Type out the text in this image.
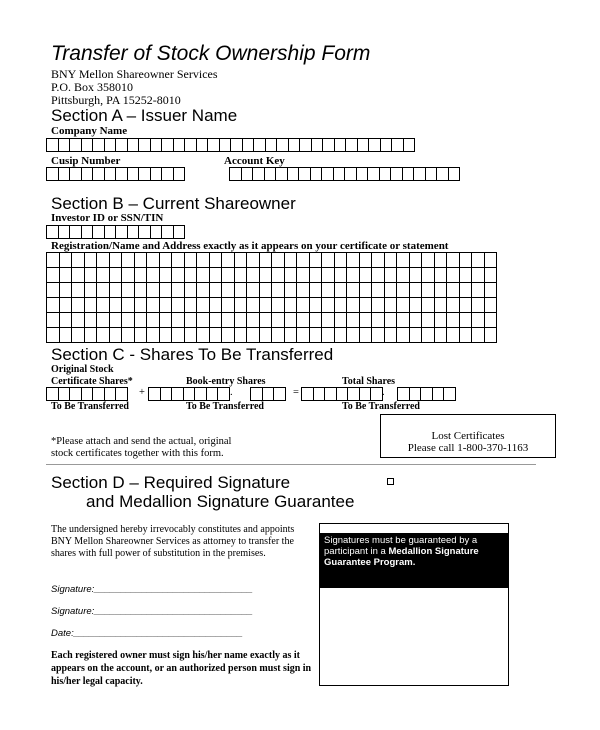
Transfer of Stock Ownership Form
BNY Mellon Shareowner Services
P.O. Box 358010
Pittsburgh, PA 15252-8010
Section A – Issuer Name
Company Name
Cusip Number	Account Key
Section B – Current Shareowner
Investor ID or SSN/TIN
Registration/Name and Address exactly as it appears on your certificate or statement
Section C - Shares To Be Transferred
Original Stock
Certificate Shares*	Book-entry Shares	Total Shares
+	.	=	.
To Be Transferred	To Be Transferred	To Be Transferred
*Please attach and send the actual, original stock certificates together with this form.
Lost Certificates
Please call 1-800-370-1163
Section D – Required Signature
and Medallion Signature Guarantee
The undersigned hereby irrevocably constitutes and appoints BNY Mellon Shareowner Services as attorney to transfer the shares with full power of substitution in the premises.
Signature:______________________________
Signature:______________________________
Date:________________________________
Each registered owner must sign his/her name exactly as it appears on the account, or an authorized person must sign in his/her legal capacity.
Signatures must be guaranteed by a participant in a Medallion Signature Guarantee Program.
